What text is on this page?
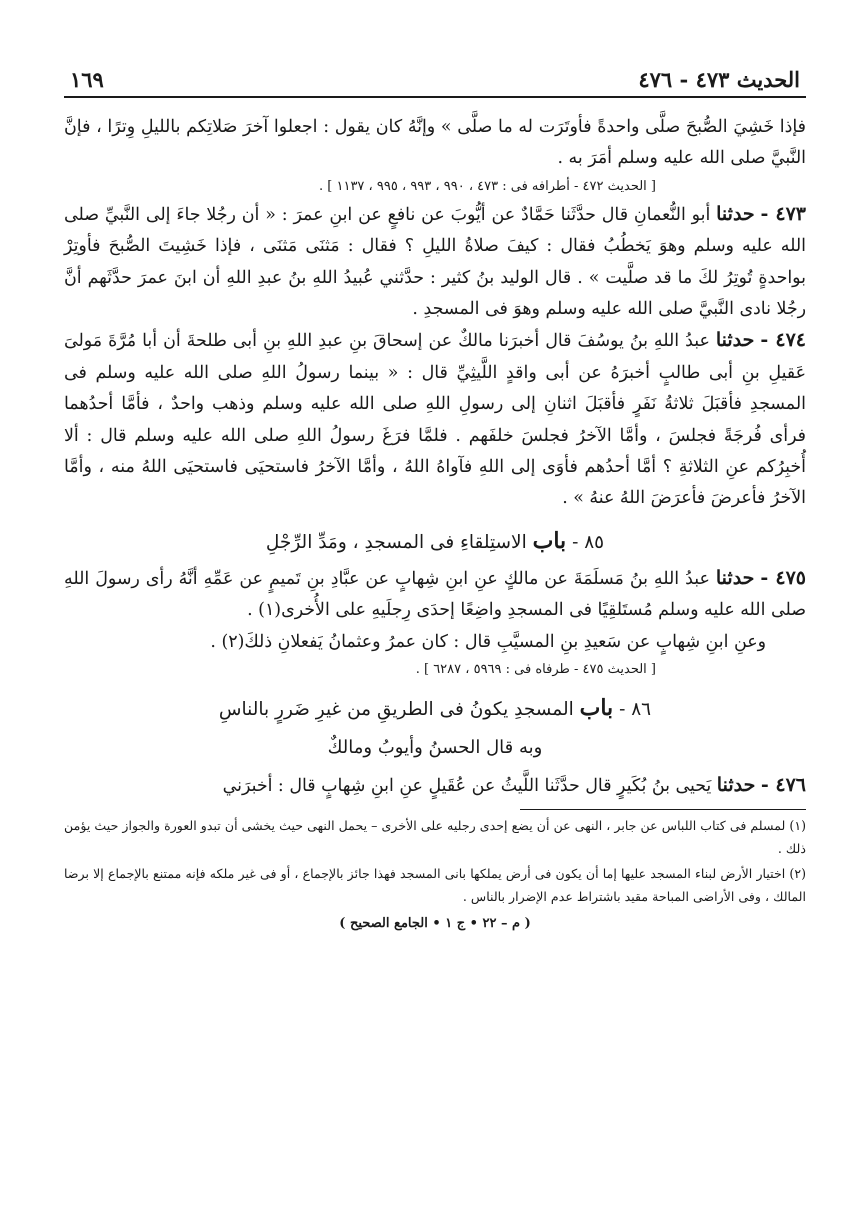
الحديث ٤٧٣ - ٤٧٦
١٦٩

فإذا خَشِيَ الصُّبحَ صلَّى واحدةً فأوتَرَت له ما صلَّى » وإنَّهُ كان يقول : اجعلوا آخرَ صَلاتِكم بالليلِ وِترًا ، فإنَّ النَّبيَّ صلى الله عليه وسلم أمَرَ به .

[ الحديث ٤٧٢ - أطرافه فى : ٤٧٣ ، ٩٩٠ ، ٩٩٣ ، ٩٩٥ ، ١١٣٧ ] .

٤٧٣ - حدثنا أبو النُّعمانِ قال حدَّثَنا حَمَّادٌ عن أيُّوبَ عن نافعٍ عن ابنِ عمرَ : « أن رجُلا جاءَ إلى النَّبيِّ صلى الله عليه وسلم وهوَ يَخطُبُ فقال : كيفَ صلاةُ الليلِ ؟ فقال : مَثنَى مَثنَى ، فإذا خَشِيتَ الصُّبحَ فأوتِرْ بواحدةٍ تُوتِرُ لكَ ما قد صلَّيت » . قال الوليد بنُ كثير : حدَّثني عُبيدُ اللهِ بنُ عبدِ اللهِ أن ابنَ عمرَ حدَّثَهم أنَّ رجُلا نادى النَّبيَّ صلى الله عليه وسلم وهوَ فى المسجدِ .

٤٧٤ - حدثنا عبدُ اللهِ بنُ يوسُفَ قال أخبرَنا مالكٌ عن إسحاقَ بنِ عبدِ اللهِ بنِ أبى طلحةَ أن أبا مُرَّةَ مَولىَ عَقيلِ بنِ أبى طالبٍ أخبرَهُ عن أبى واقدٍ اللَّيثِيِّ قال : « بينما رسولُ اللهِ صلى الله عليه وسلم فى المسجدِ فأقبَلَ ثلاثةُ نَفَرٍ فأقبَلَ اثنانِ إلى رسولِ اللهِ صلى الله عليه وسلم وذهب واحدٌ ، فأمَّا أحدُهما فرأى فُرجَةً فجلسَ ، وأمَّا الآخرُ فجلسَ خلفَهم . فلمَّا فرَغَ رسولُ اللهِ صلى الله عليه وسلم قال : ألا أُخبِرُكم عنِ الثلاثةِ ؟ أمَّا أحدُهم فأوَى إلى اللهِ فآواهُ اللهُ ، وأمَّا الآخرُ فاستحيَى فاستحيَى اللهُ منه ، وأمَّا الآخرُ فأعرضَ فأعرَضَ اللهُ عنهُ » .

٨٥ - باب الاستِلقاءِ فى المسجدِ ، ومَدِّ الرِّجْلِ

٤٧٥ - حدثنا عبدُ اللهِ بنُ مَسلَمَةَ عن مالكٍ عنِ ابنِ شِهابٍ عن عبَّادِ بنِ تَميمٍ عن عَمِّهِ أنَّهُ رأى رسولَ اللهِ صلى الله عليه وسلم مُستَلقِيًا فى المسجدِ واضِعًا إحدَى رِجلَيهِ على الأُخرى(١) .

وعنِ ابنِ شِهابٍ عن سَعيدِ بنِ المسيَّبِ قال : كان عمرُ وعثمانُ يَفعلانِ ذلكَ(٢) .

[ الحديث ٤٧٥ - طرفاه فى : ٥٩٦٩ ، ٦٢٨٧ ] .

٨٦ - باب المسجدِ يكونُ فى الطريقِ من غيرِ ضَررٍ بالناسِ
وبه قال الحسنُ وأيوبُ ومالكٌ

٤٧٦ - حدثنا يَحيى بنُ بُكَيرٍ قال حدَّثَنا اللَّيثُ عن عُقَيلٍ عنِ ابنِ شِهابٍ قال : أخبرَني

(١) لمسلم فى كتاب اللباس عن جابر ، النهى عن أن يضع إحدى رجليه على الأخرى – يحمل النهى حيث يخشى أن تبدو العورة والجواز حيث يؤمن ذلك .

(٢) اختيار الأرض لبناء المسجد عليها إما أن يكون فى أرض يملكها بانى المسجد فهذا جائز بالإجماع ، أو فى غير ملكه فإنه ممتنع بالإجماع إلا برضا المالك ، وفى الأراضى المباحة مقيد باشتراط عدم الإضرار بالناس .

( م – ٢٢ • ج ١ • الجامع الصحيح )
